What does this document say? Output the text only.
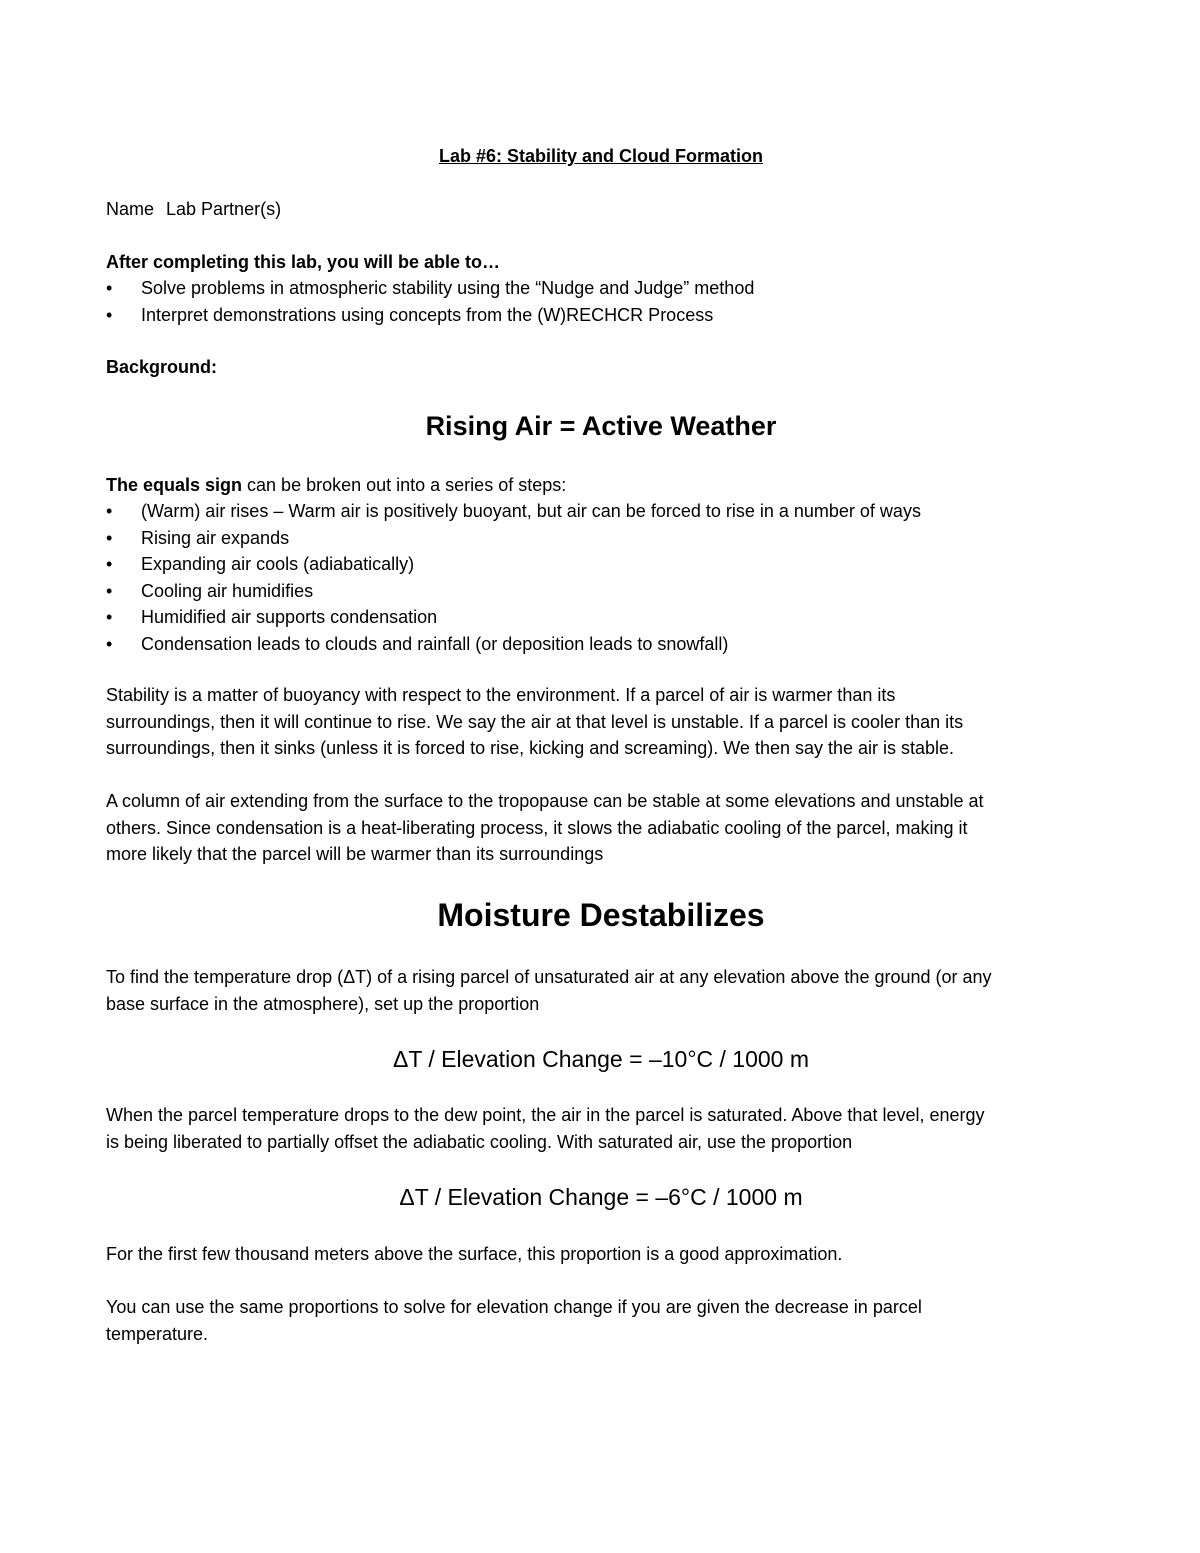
Lab #6: Stability and Cloud Formation
Name Lab Partner(s)
After completing this lab, you will be able to…
• Solve problems in atmospheric stability using the “Nudge and Judge” method
• Interpret demonstrations using concepts from the (W)RECHCR Process
Background:
Rising Air = Active Weather
The equals sign can be broken out into a series of steps:
• (Warm) air rises – Warm air is positively buoyant, but air can be forced to rise in a number of ways
• Rising air expands
• Expanding air cools (adiabatically)
• Cooling air humidifies
• Humidified air supports condensation
• Condensation leads to clouds and rainfall (or deposition leads to snowfall)
Stability is a matter of buoyancy with respect to the environment. If a parcel of air is warmer than its
surroundings, then it will continue to rise. We say the air at that level is unstable. If a parcel is cooler than its
surroundings, then it sinks (unless it is forced to rise, kicking and screaming). We then say the air is stable.
A column of air extending from the surface to the tropopause can be stable at some elevations and unstable at
others. Since condensation is a heat-liberating process, it slows the adiabatic cooling of the parcel, making it
more likely that the parcel will be warmer than its surroundings
Moisture Destabilizes
To find the temperature drop (ΔT) of a rising parcel of unsaturated air at any elevation above the ground (or any
base surface in the atmosphere), set up the proportion
ΔT / Elevation Change = –10°C / 1000 m
When the parcel temperature drops to the dew point, the air in the parcel is saturated. Above that level, energy
is being liberated to partially offset the adiabatic cooling. With saturated air, use the proportion
ΔT / Elevation Change = –6°C / 1000 m
For the first few thousand meters above the surface, this proportion is a good approximation.
You can use the same proportions to solve for elevation change if you are given the decrease in parcel
temperature.
